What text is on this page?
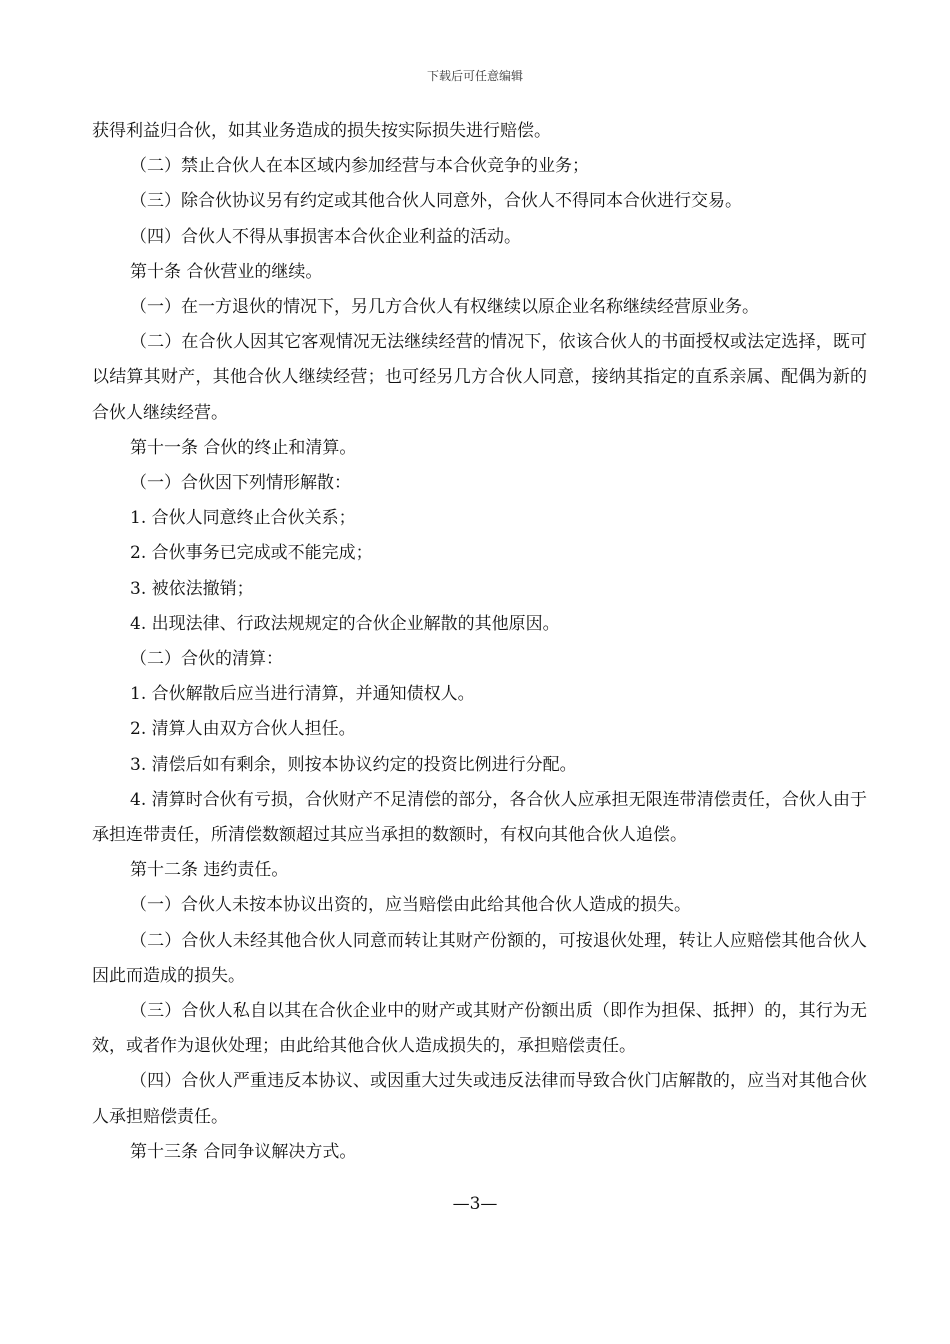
下载后可任意编辑

获得利益归合伙，如其业务造成的损失按实际损失进行赔偿。

（二）禁止合伙人在本区域内参加经营与本合伙竞争的业务；

（三）除合伙协议另有约定或其他合伙人同意外，合伙人不得同本合伙进行交易。

（四）合伙人不得从事损害本合伙企业利益的活动。

第十条 合伙营业的继续。

（一）在一方退伙的情况下，另几方合伙人有权继续以原企业名称继续经营原业务。

（二）在合伙人因其它客观情况无法继续经营的情况下，依该合伙人的书面授权或法定选择，既可以结算其财产，其他合伙人继续经营；也可经另几方合伙人同意，接纳其指定的直系亲属、配偶为新的合伙人继续经营。

第十一条 合伙的终止和清算。

（一）合伙因下列情形解散：

1. 合伙人同意终止合伙关系；

2. 合伙事务已完成或不能完成；

3. 被依法撤销；

4. 出现法律、行政法规规定的合伙企业解散的其他原因。

（二）合伙的清算：

1. 合伙解散后应当进行清算，并通知债权人。

2. 清算人由双方合伙人担任。

3. 清偿后如有剩余，则按本协议约定的投资比例进行分配。

4. 清算时合伙有亏损，合伙财产不足清偿的部分，各合伙人应承担无限连带清偿责任，合伙人由于承担连带责任，所清偿数额超过其应当承担的数额时，有权向其他合伙人追偿。

第十二条 违约责任。

（一）合伙人未按本协议出资的，应当赔偿由此给其他合伙人造成的损失。

（二）合伙人未经其他合伙人同意而转让其财产份额的，可按退伙处理，转让人应赔偿其他合伙人因此而造成的损失。

（三）合伙人私自以其在合伙企业中的财产或其财产份额出质（即作为担保、抵押）的，其行为无效，或者作为退伙处理；由此给其他合伙人造成损失的，承担赔偿责任。

（四）合伙人严重违反本协议、或因重大过失或违反法律而导致合伙门店解散的，应当对其他合伙人承担赔偿责任。

第十三条 合同争议解决方式。

—3—
